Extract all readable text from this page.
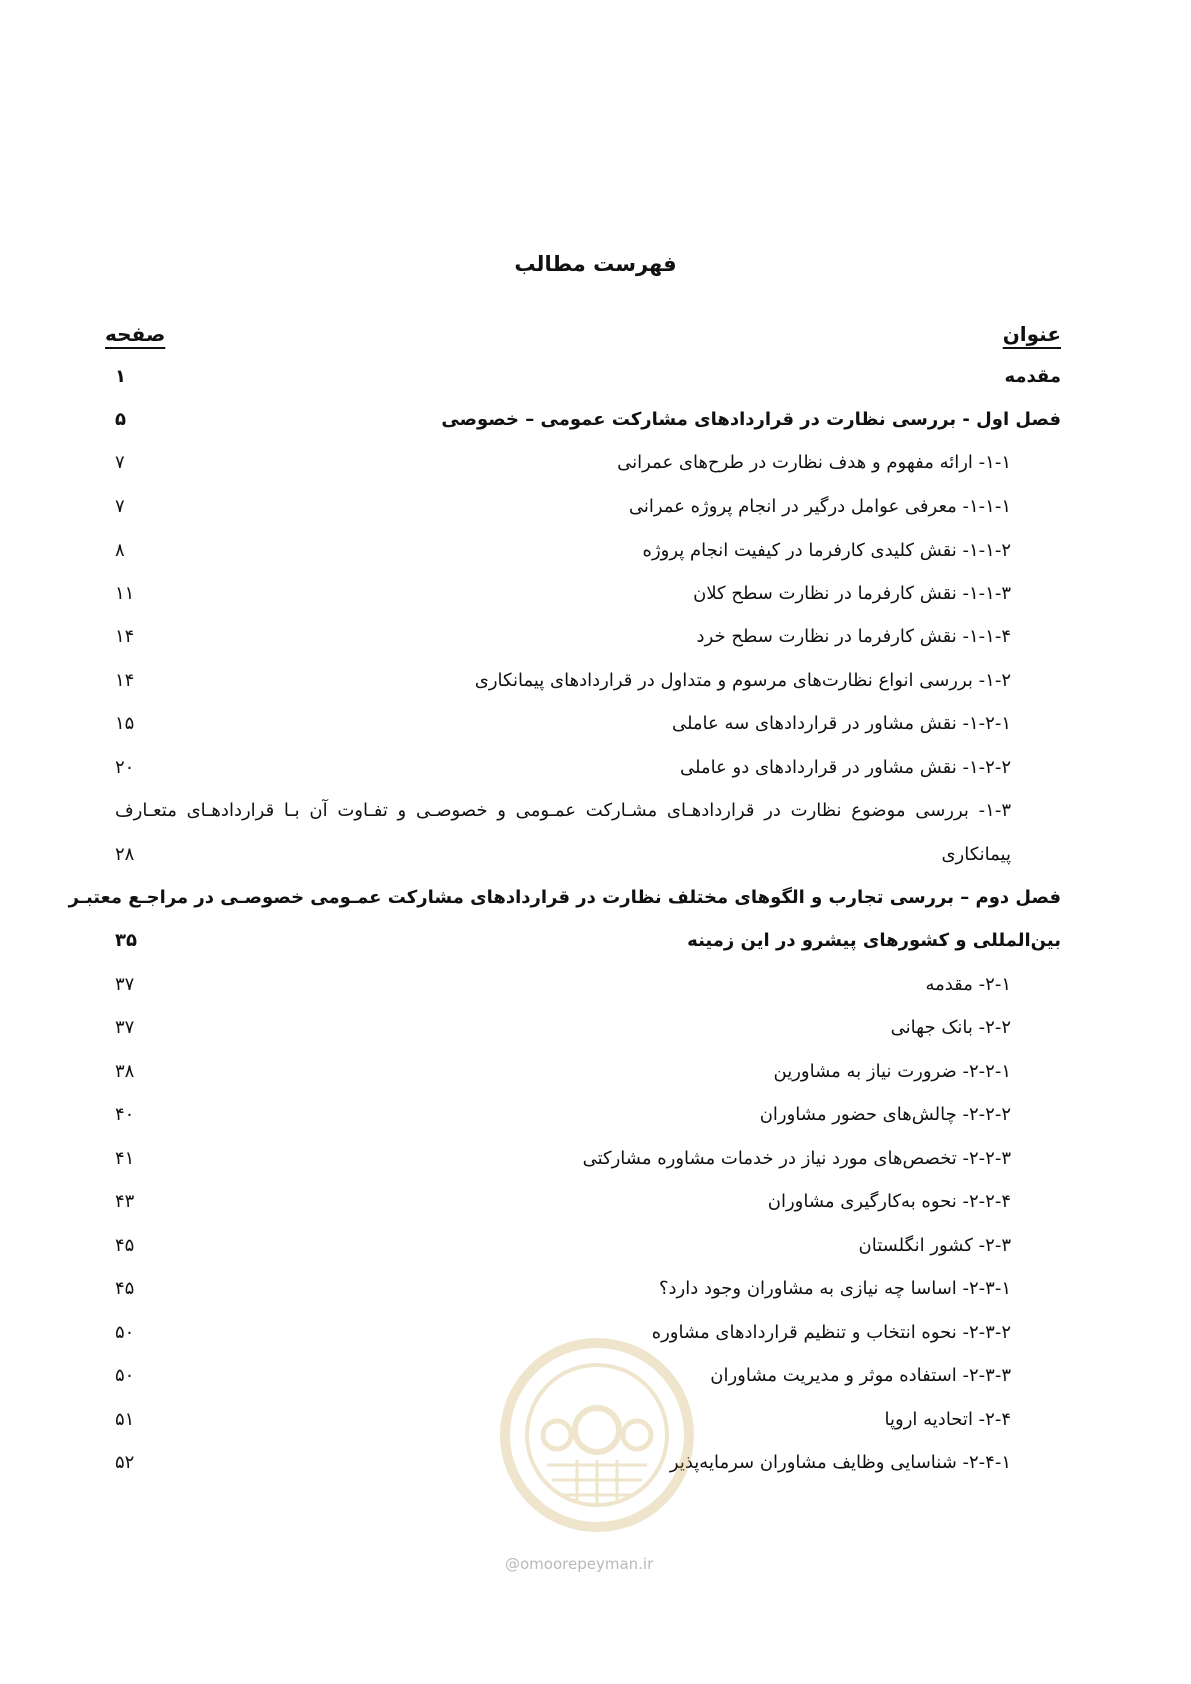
فهرست مطالب
عنوان
صفحه
مقدمه
۱
فصل اول - بررسی نظارت در قراردادهای مشارکت عمومی – خصوصی
۵
۱-۱- ارائه مفهوم و هدف نظارت در طرح‌های عمرانی
۷
۱-۱-۱- معرفی عوامل درگیر در انجام پروژه عمرانی
۷
۱-۱-۲- نقش کلیدی کارفرما در کیفیت انجام پروژه
۸
۱-۱-۳- نقش کارفرما در نظارت سطح کلان
۱۱
۱-۱-۴- نقش کارفرما در نظارت سطح خرد
۱۴
۱-۲- بررسی انواع نظارت‌های مرسوم و متداول در قراردادهای پیمانکاری
۱۴
۱-۲-۱- نقش مشاور در قراردادهای سه عاملی
۱۵
۱-۲-۲- نقش مشاور در قراردادهای دو عاملی
۲۰
۱-۳- بررسی موضوع نظارت در قراردادهـای مشـارکت عمـومی و خصوصـی و تفـاوت آن بـا قراردادهـای متعـارف
پیمانکاری
۲۸
فصل دوم – بررسی تجارب و الگوهای مختلف نظارت در قراردادهای مشارکت عمـومی خصوصـی در مراجـع معتبـر
بین‌المللی و کشورهای پیشرو در این زمینه
۳۵
۲-۱- مقدمه
۳۷
۲-۲- بانک جهانی
۳۷
۲-۲-۱- ضرورت نیاز به مشاورین
۳۸
۲-۲-۲- چالش‌های حضور مشاوران
۴۰
۲-۲-۳- تخصص‌های مورد نیاز در خدمات مشاوره مشارکتی
۴۱
۲-۲-۴- نحوه به‌کارگیری مشاوران
۴۳
۲-۳- کشور انگلستان
۴۵
۲-۳-۱- اساسا چه نیازی به مشاوران وجود دارد؟
۴۵
۲-۳-۲- نحوه انتخاب و تنظیم قراردادهای مشاوره
۵۰
۲-۳-۳- استفاده موثر و مدیریت مشاوران
۵۰
۲-۴- اتحادیه اروپا
۵۱
۲-۴-۱- شناسایی وظایف مشاوران سرمایه‌پذیر
۵۲
@omoorepeyman.ir
